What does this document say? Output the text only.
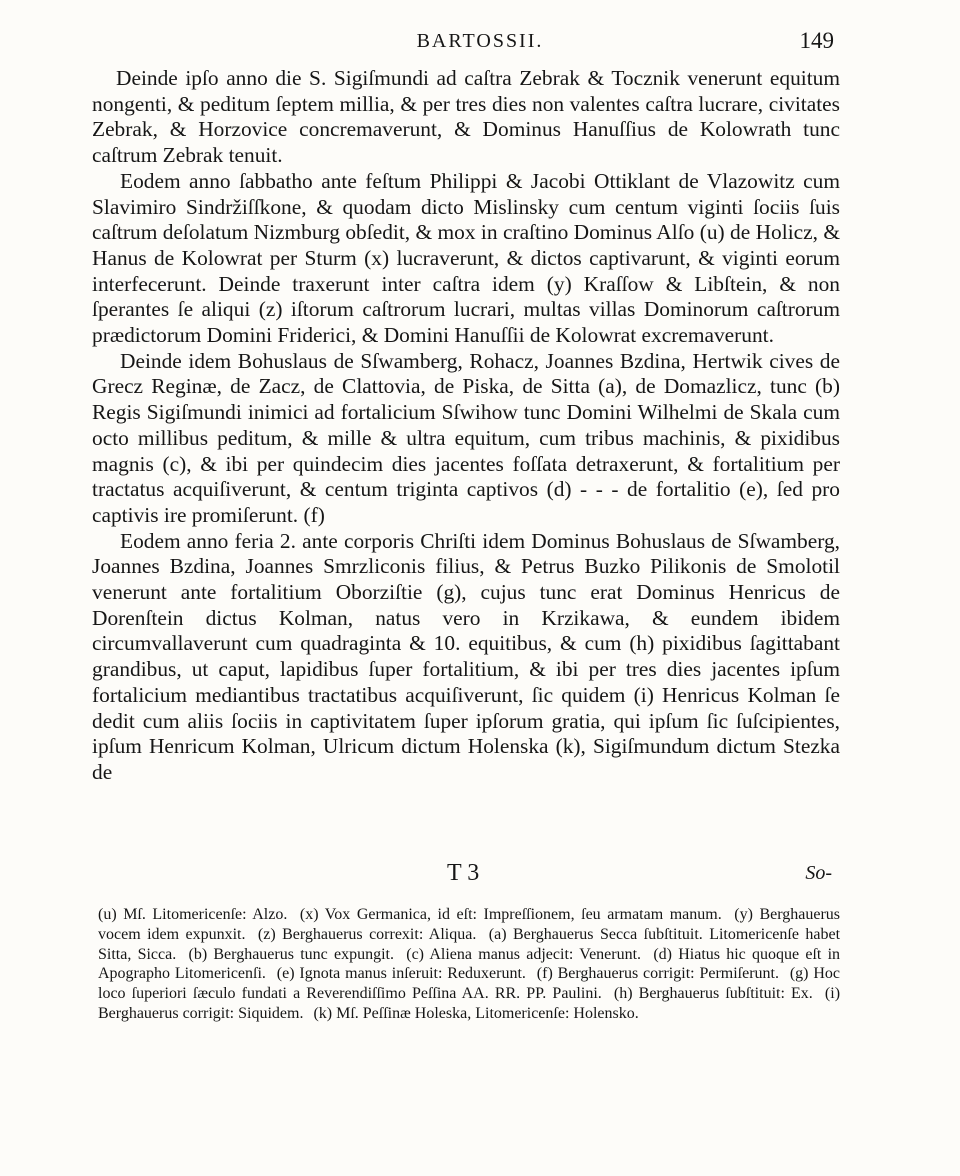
BARTOSSII.	149

Deinde ipſo anno die S. Sigiſmundi ad caſtra Zebrak & Tocznik venerunt equitum nongenti, & peditum ſeptem millia, & per tres dies non valentes caſtra lucrare, civitates Zebrak, & Horzovice concremaverunt, & Dominus Hanuſſius de Kolowrath tunc caſtrum Zebrak tenuit.

Eodem anno ſabbatho ante feſtum Philippi & Jacobi Ottiklant de Vlazowitz cum Slavimiro Sindržiſſkone, & quodam dicto Mislinsky cum centum viginti ſociis ſuis caſtrum deſolatum Nizmburg obſedit, & mox in craſtino Dominus Alſo (u) de Holicz, & Hanus de Kolowrat per Sturm (x) lucraverunt, & dictos captivarunt, & viginti eorum interfecerunt. Deinde traxerunt inter caſtra idem (y) Kraſſow & Libſtein, & non ſperantes ſe aliqui (z) iſtorum caſtrorum lucrari, multas villas Dominorum caſtrorum prædictorum Domini Friderici, & Domini Hanuſſii de Kolowrat excremaverunt.

Deinde idem Bohuslaus de Sſwamberg, Rohacz, Joannes Bzdina, Hertwik cives de Grecz Reginæ, de Zacz, de Clattovia, de Piska, de Sitta (a), de Domazlicz, tunc (b) Regis Sigiſmundi inimici ad fortalicium Sſwihow tunc Domini Wilhelmi de Skala cum octo millibus peditum, & mille & ultra equitum, cum tribus machinis, & pixidibus magnis (c), & ibi per quindecim dies jacentes foſſata detraxerunt, & fortalitium per tractatus acquiſiverunt, & centum triginta captivos (d) - - - de fortalitio (e), ſed pro captivis ire promiſerunt. (f)

Eodem anno feria 2. ante corporis Chriſti idem Dominus Bohuslaus de Sſwamberg, Joannes Bzdina, Joannes Smrzliconis filius, & Petrus Buzko Pilikonis de Smolotil venerunt ante fortalitium Oborziſtie (g), cujus tunc erat Dominus Henricus de Dorenſtein dictus Kolman, natus vero in Krzikawa, & eundem ibidem circumvallaverunt cum quadraginta & 10. equitibus, & cum (h) pixidibus ſagittabant grandibus, ut caput, lapidibus ſuper fortalitium, & ibi per tres dies jacentes ipſum fortalicium mediantibus tractatibus acquiſiverunt, ſic quidem (i) Henricus Kolman ſe dedit cum aliis ſociis in captivitatem ſuper ipſorum gratia, qui ipſum ſic ſuſcipientes, ipſum Henricum Kolman, Ulricum dictum Holenska (k), Sigiſmundum dictum Stezka de

T 3	So-
(u) Mſ. Litomericenſe: Alzo. (x) Vox Germanica, id eſt: Impreſſionem, ſeu armatam manum. (y) Berghauerus vocem idem expunxit. (z) Berghauerus correxit: Aliqua. (a) Berghauerus Secca ſubſtituit. Litomericenſe habet Sitta, Sicca. (b) Berghauerus tunc expungit. (c) Aliena manus adjecit: Venerunt. (d) Hiatus hic quoque eſt in Apographo Litomericenſi. (e) Ignota manus inſeruit: Reduxerunt. (f) Berghauerus corrigit: Permiſerunt. (g) Hoc loco ſuperiori ſæculo fundati a Reverendiſſimo Peſſina AA. RR. PP. Paulini. (h) Berghauerus ſubſtituit: Ex. (i) Berghauerus corrigit: Siquidem. (k) Mſ. Peſſinæ Holeska, Litomericenſe: Holensko.
